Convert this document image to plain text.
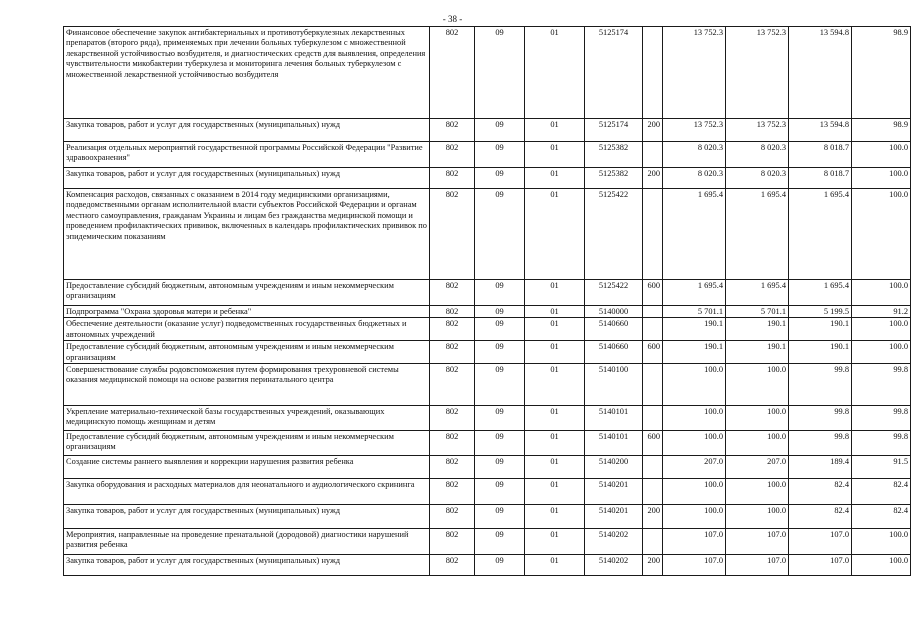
- 38 -
Финансовое обеспечение закупок антибактериальных и противотуберкулезных лекарственных препаратов (второго ряда), применяемых при лечении больных туберкулезом с множественной лекарственной устойчивостью возбудителя, и диагностических средств для выявления, определения чувствительности микобактерии туберкулеза и мониторинга лечения больных туберкулезом с множественной лекарственной устойчивостью возбудителя	802	09	01	5125174		13 752.3	13 752.3	13 594.8	98.9
Закупка товаров, работ и услуг для государственных (муниципальных) нужд	802	09	01	5125174	200	13 752.3	13 752.3	13 594.8	98.9
Реализация отдельных мероприятий государственной программы Российской Федерации "Развитие здравоохранения"	802	09	01	5125382		8 020.3	8 020.3	8 018.7	100.0
Закупка товаров, работ и услуг для государственных (муниципальных) нужд	802	09	01	5125382	200	8 020.3	8 020.3	8 018.7	100.0
Компенсация расходов, связанных с оказанием в 2014 году медицинскими организациями, подведомственными органам исполнительной власти субъектов Российской Федерации и органам местного самоуправления, гражданам Украины и лицам без гражданства медицинской помощи и проведением профилактических прививок, включенных в календарь профилактических прививок по эпидемическим показаниям	802	09	01	5125422		1 695.4	1 695.4	1 695.4	100.0
Предоставление субсидий бюджетным, автономным учреждениям и иным некоммерческим организациям	802	09	01	5125422	600	1 695.4	1 695.4	1 695.4	100.0
Подпрограмма "Охрана здоровья матери и ребенка"	802	09	01	5140000		5 701.1	5 701.1	5 199.5	91.2
Обеспечение деятельности (оказание услуг) подведомственных государственных бюджетных и автономных учреждений	802	09	01	5140660		190.1	190.1	190.1	100.0
Предоставление субсидий бюджетным, автономным учреждениям и иным некоммерческим организациям	802	09	01	5140660	600	190.1	190.1	190.1	100.0
Совершенствование службы родовспоможения путем формирования трехуровневой системы оказания медицинской помощи на основе развития перинатального центра	802	09	01	5140100		100.0	100.0	99.8	99.8
Укрепление материально-технической базы государственных учреждений, оказывающих медицинскую помощь женщинам и детям	802	09	01	5140101		100.0	100.0	99.8	99.8
Предоставление субсидий бюджетным, автономным учреждениям и иным некоммерческим организациям	802	09	01	5140101	600	100.0	100.0	99.8	99.8
Создание системы раннего выявления и коррекции нарушения развития ребенка	802	09	01	5140200		207.0	207.0	189.4	91.5
Закупка оборудования и расходных материалов для неонатального и аудиологического скрининга	802	09	01	5140201		100.0	100.0	82.4	82.4
Закупка товаров, работ и услуг для государственных (муниципальных) нужд	802	09	01	5140201	200	100.0	100.0	82.4	82.4
Мероприятия, направленные на проведение пренатальной (дородовой) диагностики нарушений развития ребенка	802	09	01	5140202		107.0	107.0	107.0	100.0
Закупка товаров, работ и услуг для государственных (муниципальных) нужд	802	09	01	5140202	200	107.0	107.0	107.0	100.0
